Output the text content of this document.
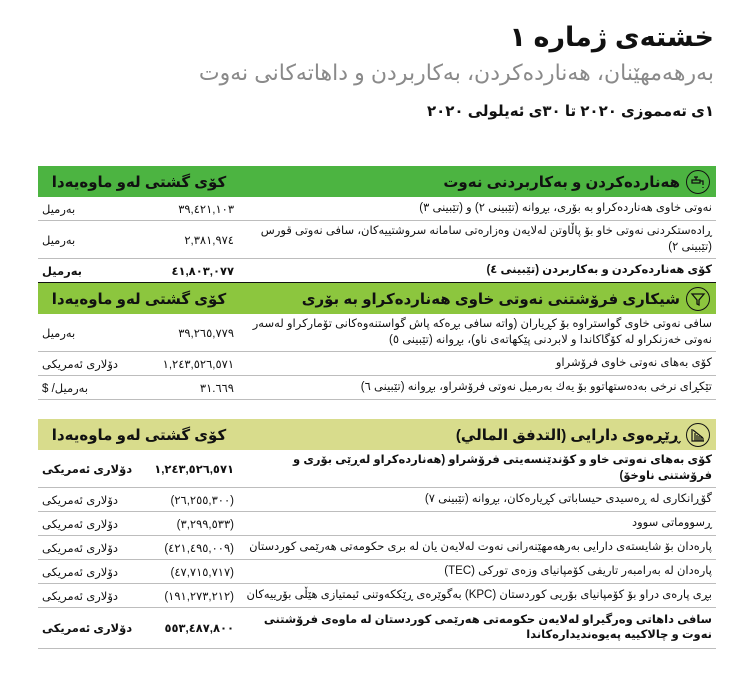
خشتەی ژمارە ١
بەرهەمهێنان، هەناردەکردن، بەکاربردن و داهاتەکانی نەوت
١ی تەمموزی ٢٠٢٠ تا ٣٠ی ئەیلولی ٢٠٢٠
هەناردەکردن و بەکاربردنی نەوت
کۆی گشتی لەو ماوەیەدا
نەوتی خاوی هەناردەکراو بە بۆری، بڕوانە (تێبینی ٢) و (تێبینی ٣)
٣٩,٤٢١,١٠٣
بەرمیل
ڕادەستکردنی نەوتی خاو بۆ پاڵاوتن لەلایەن وەزارەتی سامانە سروشتییەکان، سافی نەوتی قورس (تێبینی ٢)
٢,٣٨١,٩٧٤
بەرمیل
کۆی هەناردەکردن و بەکاربردن (تێبینی ٤)
٤١,٨٠٣,٠٧٧
بەرمیل
شیکاری فرۆشتنی نەوتی خاوی هەناردەکراو بە بۆری
کۆی گشتی لەو ماوەیەدا
سافی نەوتی خاوی گواستراوە بۆ کڕیاران (واتە سافی بڕەکە پاش گواستنەوەکانی تۆمارکراو لەسەر نەوتی خەزنکراو لە کۆگاکاندا و لابردنی پێکهاتەی ناو)، بڕوانە (تێبینی ٥)
٣٩,٢٦٥,٧٧٩
بەرمیل
کۆی بەهای نەوتی خاوی فرۆشراو
١,٢٤٣,٥٢٦,٥٧١
دۆلاری ئەمریکی
تێکڕای نرخی بەدەستهاتوو بۆ یەك بەرمیل نەوتی فرۆشراو، بڕوانە (تێبینی ٦)
٣١.٦٦٩
بەرمیل/ $
ڕێڕەوی دارایی (التدفق المالي)
کۆی گشتی لەو ماوەیەدا
کۆی بەهای نەوتی خاو و کۆندێنسەیتی فرۆشراو (هەناردەکراو لەڕێی بۆری و فرۆشتنی ناوخۆ)
١,٢٤٣,٥٢٦,٥٧١
دۆلاری ئەمریکی
گۆڕانکاری لە ڕەسیدی حیساباتی کڕیارەکان، بڕوانە (تێبینی ٧)
(٢٦,٢٥٥,٣٠٠)
دۆلاری ئەمریکی
ڕسووماتی سوود
(٣,٢٩٩,٥٣٣)
دۆلاری ئەمریکی
پارەدان بۆ شایستەی دارایی بەرهەمهێنەرانی نەوت لەلایەن یان لە بری حکومەتی هەرێمی کوردستان
(٤٢١,٤٩٥,٠٠٩)
دۆلاری ئەمریکی
پارەدان لە بەرامبەر تاریفی کۆمپانیای وزەی تورکی (TEC)
(٤٧,٧١٥,٧١٧)
دۆلاری ئەمریکی
بڕی پارەی دراو بۆ کۆمپانیای بۆریی کوردستان (KPC) بەگوێرەی ڕێککەوتنی ئیمتیازی هێڵی بۆرییەکان
(١٩١,٢٧٣,٢١٢)
دۆلاری ئەمریکی
سافی داهاتی وەرگیراو لەلایەن حکومەتی هەرێمی کوردستان لە ماوەی فرۆشتنی نەوت و چالاکییە پەیوەندیدارەکاندا
٥٥٣,٤٨٧,٨٠٠
دۆلاری ئەمریکی
